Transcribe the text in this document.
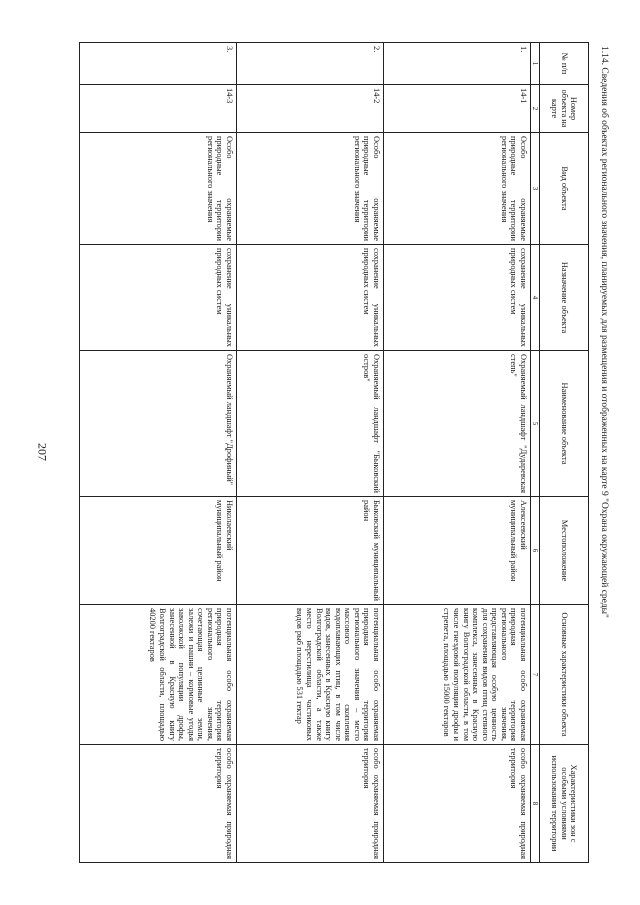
207	1.14. Сведения об объектах регионального значения, планируемых для размещения и отображенных на карте 9 "Охрана окружающей среды"
№ п/п	Номер объекта на карте	Вид объекта	Назначение объекта	Наименование объекта	Местоположение	Основные характеристики объекта	Характеристики зон с особыми условиями использования территории
1	2	3	4	5	6	7	8
1.	14-1	Особо охраняемые природные территории регионального значения	сохранение уникальных природных систем	Охраняемый ландшафт "Дударевская степь"	Алексеевский муниципальный район	потенциальная особо охраняемая природная территория регионального значения, представляющая особую ценность для сохранения видов птиц степного комплекса, занесенных в Красную книгу Волгоградской области, в том числе гнездовой популяции дрофы и стрепета, площадью 15000 гектаров	особо охраняемая природная территория
2.	14-2	Особо охраняемые природные территории регионального значения	сохранение уникальных природных систем	Охраняемый ландшафт "Быковский остров"	Быковский муниципальный район	потенциальная особо охраняемая природная территория регионального значения – место массового скопления водоплавающих птиц, в том числе видов, занесенных в Красную книгу Волгоградской области, а также место нерестилища частиковых видов рыб площадью 531 гектар	особо охраняемая природная территория
3.	14-3	Особо охраняемые природные территории регионального значения	сохранение уникальных природных систем	Охраняемый ландшафт "Дрофиный"	Николаевский муниципальный район	потенциальная особо охраняемая природная территория регионального значения, сочетающая целинные земли, залежи и пашни – кормовые угодья заволжской популяции дрофы, занесенной в Красную книгу Волгоградской области, площадью 40200 гектаров	особо охраняемая природная территория
